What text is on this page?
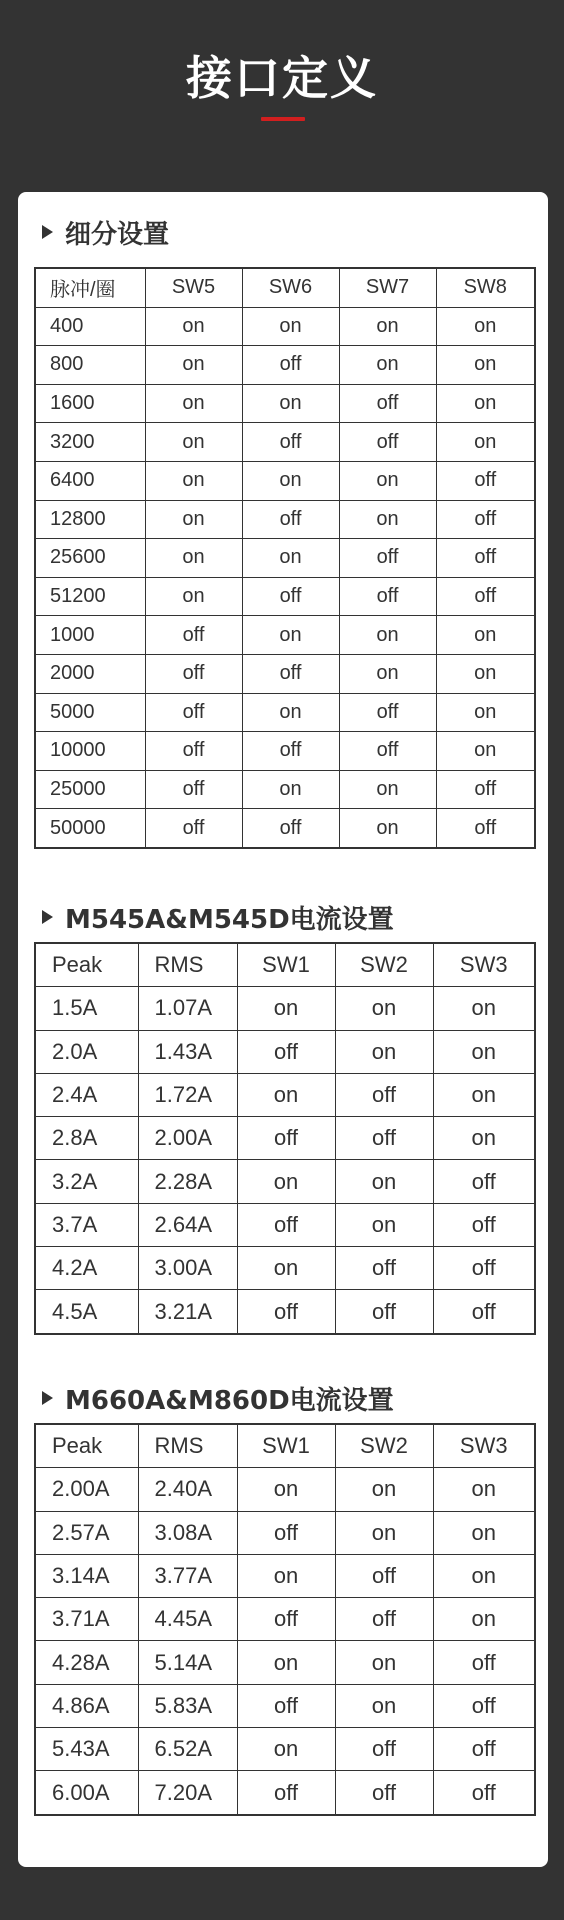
接口定义
细分设置
脉冲/圈	SW5	SW6	SW7	SW8
400	on	on	on	on
800	on	off	on	on
1600	on	on	off	on
3200	on	off	off	on
6400	on	on	on	off
12800	on	off	on	off
25600	on	on	off	off
51200	on	off	off	off
1000	off	on	on	on
2000	off	off	on	on
5000	off	on	off	on
10000	off	off	off	on
25000	off	on	on	off
50000	off	off	on	off
M545A&M545D电流设置
Peak	RMS	SW1	SW2	SW3
1.5A	1.07A	on	on	on
2.0A	1.43A	off	on	on
2.4A	1.72A	on	off	on
2.8A	2.00A	off	off	on
3.2A	2.28A	on	on	off
3.7A	2.64A	off	on	off
4.2A	3.00A	on	off	off
4.5A	3.21A	off	off	off
M660A&M860D电流设置
Peak	RMS	SW1	SW2	SW3
2.00A	2.40A	on	on	on
2.57A	3.08A	off	on	on
3.14A	3.77A	on	off	on
3.71A	4.45A	off	off	on
4.28A	5.14A	on	on	off
4.86A	5.83A	off	on	off
5.43A	6.52A	on	off	off
6.00A	7.20A	off	off	off
